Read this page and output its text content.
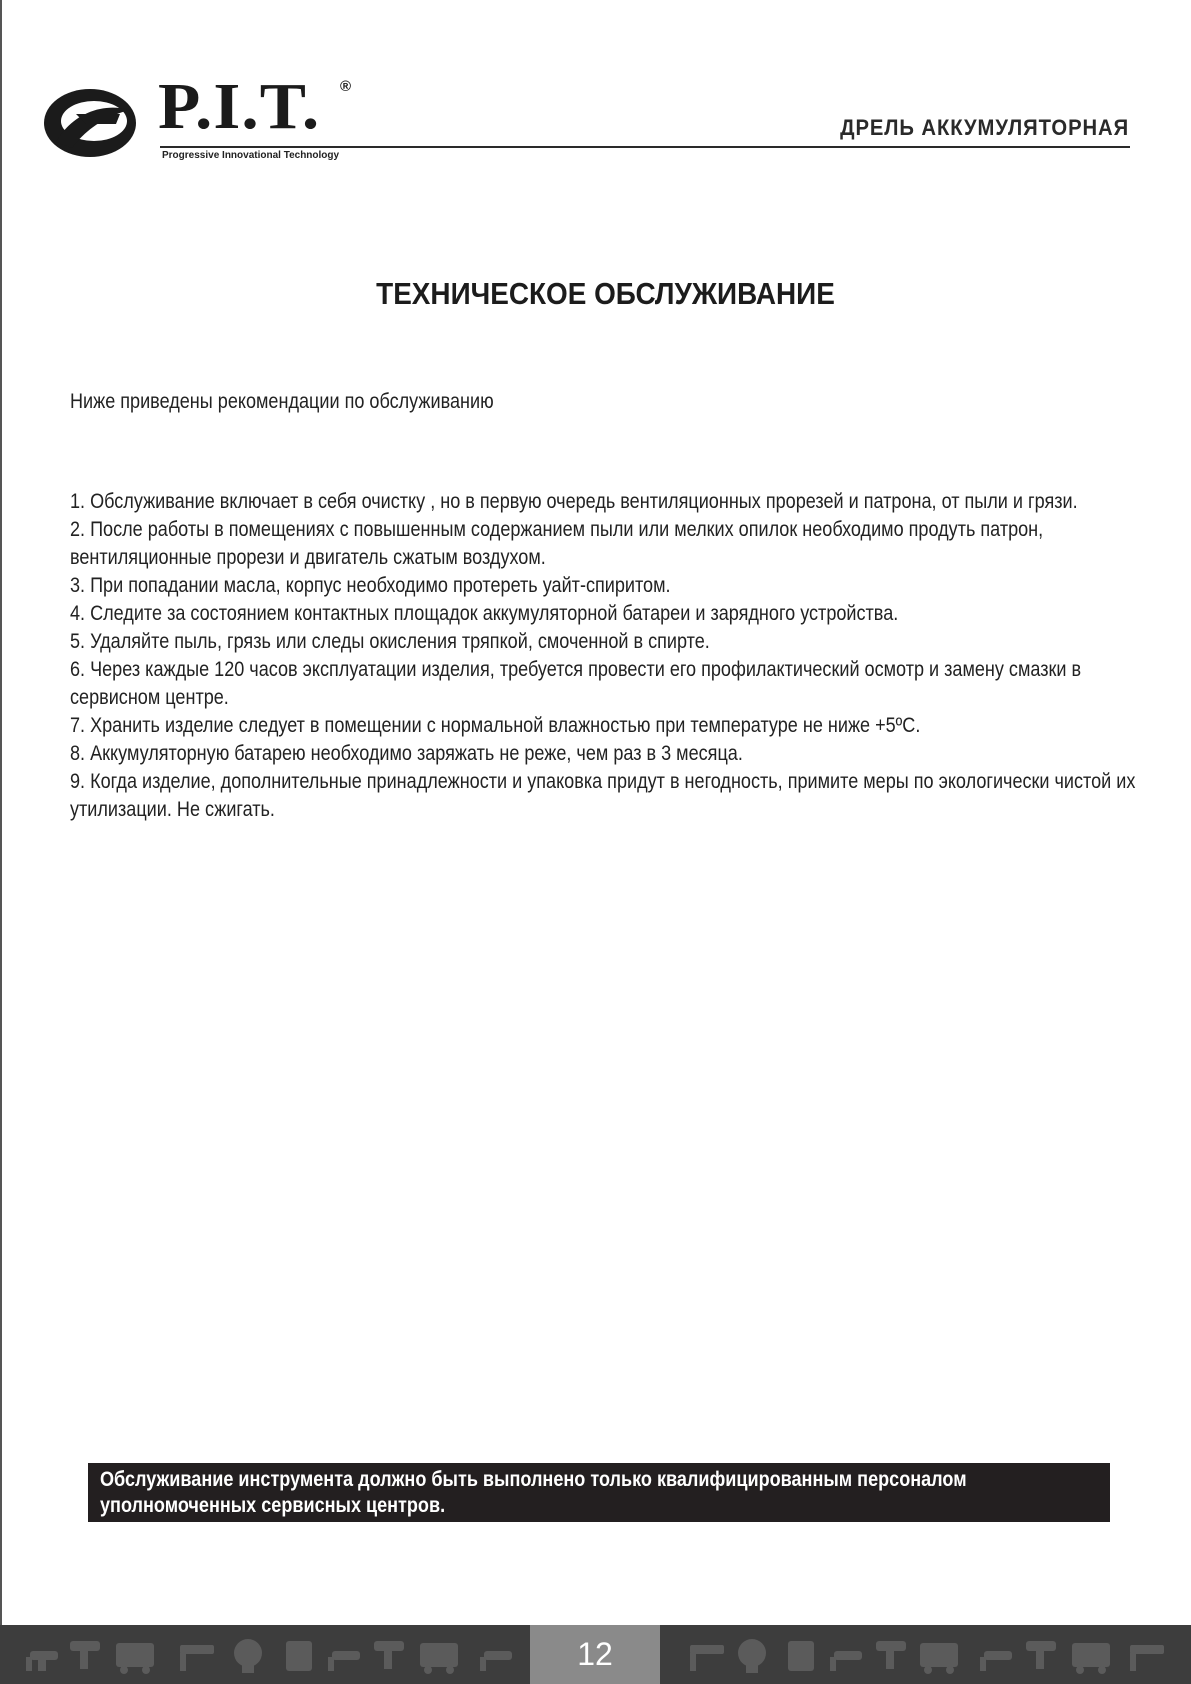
P.I.T. ®
Progressive Innovational Technology
ДРЕЛЬ АККУМУЛЯТОРНАЯ
ТЕХНИЧЕСКОЕ ОБСЛУЖИВАНИЕ

Ниже приведены рекомендации по обслуживанию

1. Обслуживание включает в себя очистку , но в первую очередь вентиляционных прорезей и патрона, от пыли и грязи.
2. После работы в помещениях с повышенным содержанием пыли или мелких опилок необходимо продуть патрон, вентиляционные прорези и двигатель сжатым воздухом.
3. При попадании масла, корпус необходимо протереть уайт-спиритом.
4. Следите за состоянием контактных площадок аккумуляторной батареи и зарядного устройства.
5. Удаляйте пыль, грязь или следы окисления тряпкой, смоченной в спирте.
6. Через каждые 120 часов эксплуатации изделия, требуется провести его профилактический осмотр и замену смазки в сервисном центре.
7. Хранить изделие следует в помещении с нормальной влажностью при температуре не ниже +5ºС.
8. Аккумуляторную батарею необходимо заряжать не реже, чем раз в 3 месяца.
9. Когда изделие, дополнительные принадлежности и упаковка придут в негодность, примите меры по экологически чистой их утилизации. Не сжигать.
Обслуживание инструмента должно быть выполнено только квалифицированным персоналом уполномоченных сервисных центров.
12
